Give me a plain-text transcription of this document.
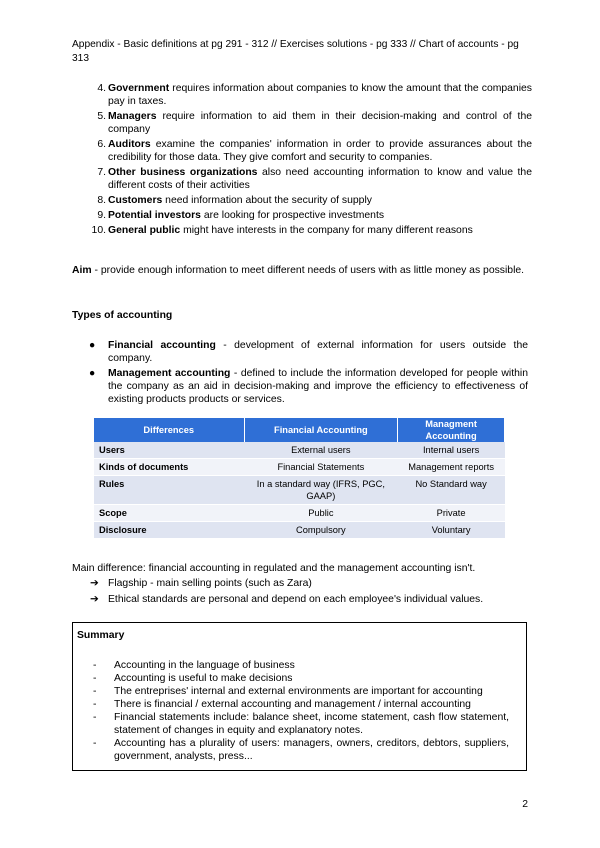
Appendix - Basic definitions at pg 291 - 312 // Exercises solutions - pg 333 // Chart of accounts - pg 313
4. Government requires information about companies to know the amount that the companies pay in taxes.
5. Managers require information to aid them in their decision-making and control of the company
6. Auditors examine the companies' information in order to provide assurances about the credibility for those data. They give comfort and security to companies.
7. Other business organizations also need accounting information to know and value the different costs of their activities
8. Customers need information about the security of supply
9. Potential investors are looking for prospective investments
10. General public might have interests in the company for many different reasons
Aim - provide enough information to meet different needs of users with as little money as possible.
Types of accounting
● Financial accounting - development of external information for users outside the company.
● Management accounting - defined to include the information developed for people within the company as an aid in decision-making and improve the efficiency to effectiveness of existing products products or services.
Differences	Financial Accounting	Managment Accounting
Users	External users	Internal users
Kinds of documents	Financial Statements	Management reports
Rules	In a standard way (IFRS, PGC, GAAP)	No Standard way
Scope	Public	Private
Disclosure	Compulsory	Voluntary
Main difference: financial accounting in regulated and the management accounting isn't.
➔ Flagship - main selling points (such as Zara)
➔ Ethical standards are personal and depend on each employee's individual values.
Summary
- Accounting in the language of business
- Accounting is useful to make decisions
- The entreprises' internal and external environments are important for accounting
- There is financial / external accounting and management / internal accounting
- Financial statements include: balance sheet, income statement, cash flow statement, statement of changes in equity and explanatory notes.
- Accounting has a plurality of users: managers, owners, creditors, debtors, suppliers, government, analysts, press...
2
